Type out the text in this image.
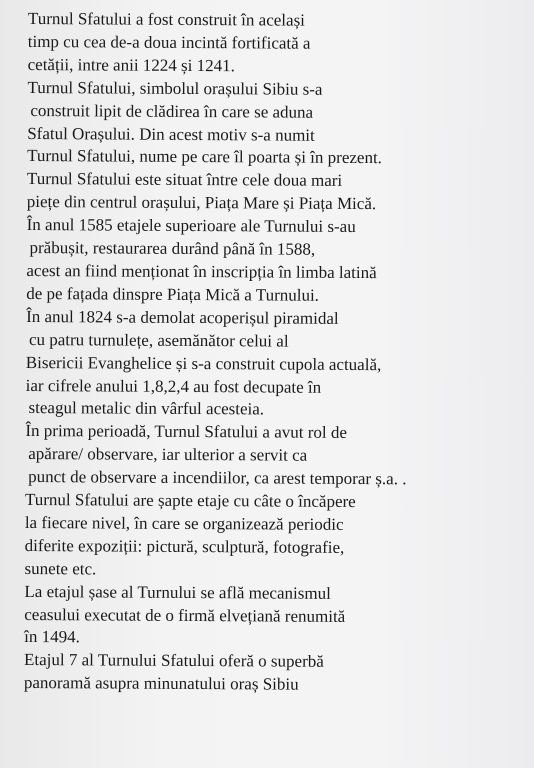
Turnul Sfatului a fost construit în același
timp cu cea de-a doua incintă fortificată a
cetății, intre anii 1224 și 1241.
Turnul Sfatului, simbolul orașului Sibiu s-a
construit lipit de clădirea în care se aduna
Sfatul Orașului. Din acest motiv s-a numit
Turnul Sfatului, nume pe care îl poarta și în prezent.
Turnul Sfatului este situat între cele doua mari
piețe din centrul orașului, Piața Mare și Piața Mică.
În anul 1585 etajele superioare ale Turnului s-au
prăbușit, restaurarea durând până în 1588,
acest an fiind menționat în inscripția în limba latină
de pe fațada dinspre Piața Mică a Turnului.
În anul 1824 s-a demolat acoperișul piramidal
cu patru turnulețe, asemănător celui al
Bisericii Evanghelice și s-a construit cupola actuală,
iar cifrele anului 1,8,2,4 au fost decupate în
steagul metalic din vârful acesteia.
În prima perioadă, Turnul Sfatului a avut rol de
apărare/ observare, iar ulterior a servit ca
punct de observare a incendiilor, ca arest temporar ș.a. .
Turnul Sfatului are șapte etaje cu câte o încăpere
la fiecare nivel, în care se organizează periodic
diferite expoziții: pictură, sculptură, fotografie,
sunete etc.
La etajul șase al Turnului se află mecanismul
ceasului executat de o firmă elvețiană renumită
în 1494.
Etajul 7 al Turnului Sfatului oferă o superbă
panoramă asupra minunatului oraș Sibiu
